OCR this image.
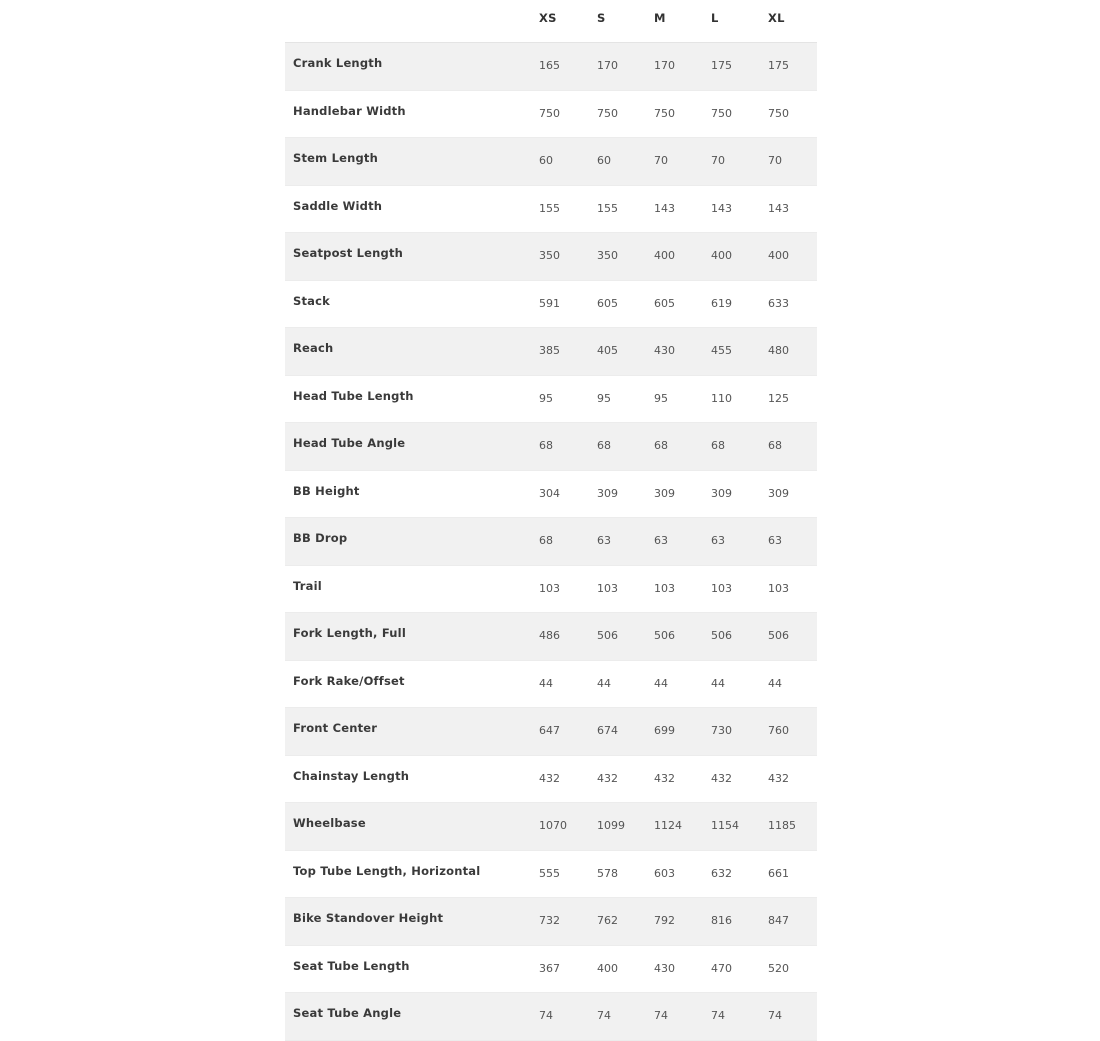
XS	S	M	L	XL
Crank Length	165	170	170	175	175
Handlebar Width	750	750	750	750	750
Stem Length	60	60	70	70	70
Saddle Width	155	155	143	143	143
Seatpost Length	350	350	400	400	400
Stack	591	605	605	619	633
Reach	385	405	430	455	480
Head Tube Length	95	95	95	110	125
Head Tube Angle	68	68	68	68	68
BB Height	304	309	309	309	309
BB Drop	68	63	63	63	63
Trail	103	103	103	103	103
Fork Length, Full	486	506	506	506	506
Fork Rake/Offset	44	44	44	44	44
Front Center	647	674	699	730	760
Chainstay Length	432	432	432	432	432
Wheelbase	1070	1099	1124	1154	1185
Top Tube Length, Horizontal	555	578	603	632	661
Bike Standover Height	732	762	792	816	847
Seat Tube Length	367	400	430	470	520
Seat Tube Angle	74	74	74	74	74
